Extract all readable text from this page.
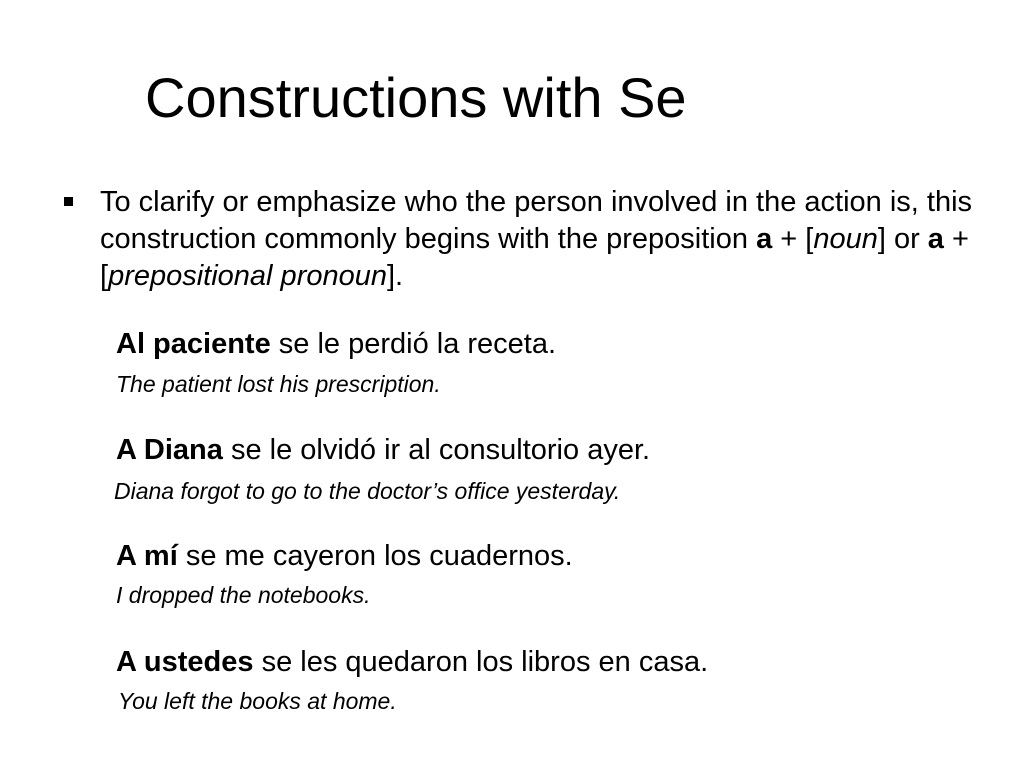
Constructions with Se
To clarify or emphasize who the person involved in the action is, this construction commonly begins with the preposition a + [noun] or a + [prepositional pronoun].
Al paciente se le perdió la receta.
The patient lost his prescription.
A Diana se le olvidó ir al consultorio ayer.
Diana forgot to go to the doctor’s office yesterday.
A mí se me cayeron los cuadernos.
I dropped the notebooks.
A ustedes se les quedaron los libros en casa.
You left the books at home.
